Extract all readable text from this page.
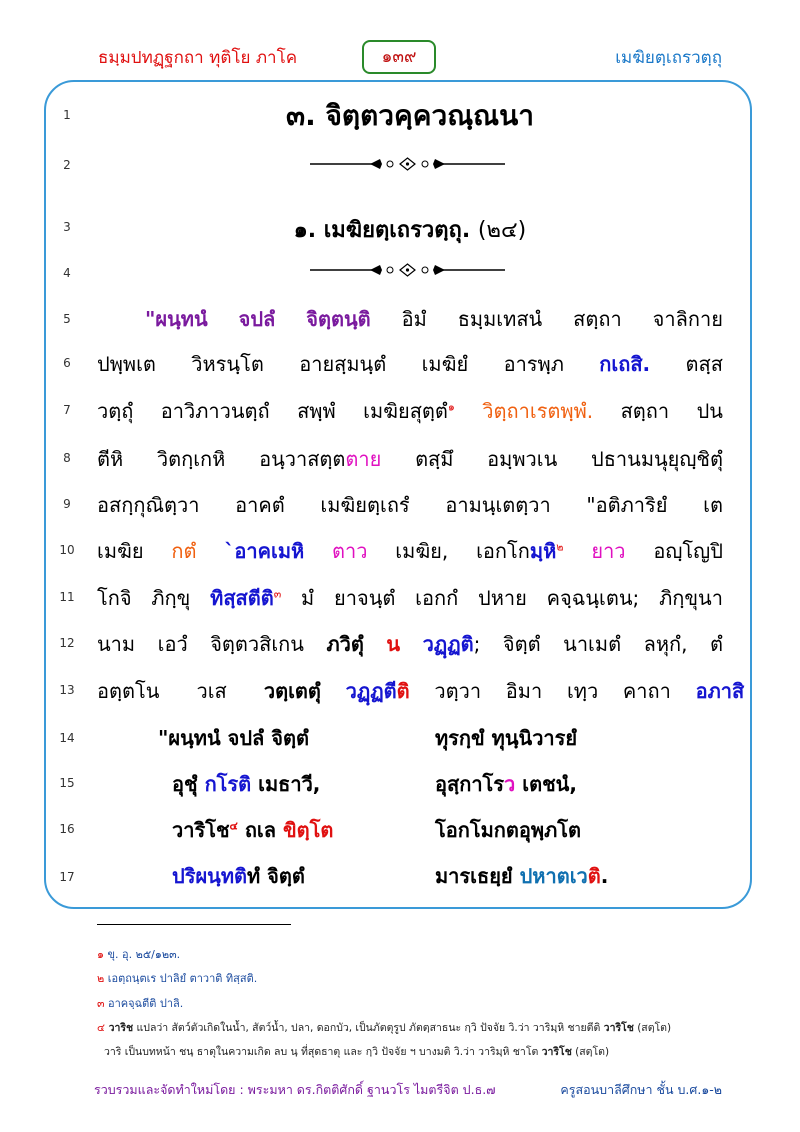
ธมฺมปทฏฺฐกถา ทุติโย ภาโค	๑๓๙	เมฆิยตฺเถรวตฺถุ
1
2
3
4
5
6
7
8
9
10
11
12
13
14
15
16
17
๓. จิตฺตวคฺควณฺณนา
๑. เมฆิยตฺเถรวตฺถุ. (๒๔)
"ผนฺทนํ จปลํ จิตฺตนฺติ อิมํ ธมฺมเทสนํ สตฺถา จาลิกาย
ปพฺพเต วิหรนฺโต อายสฺมนฺตํ เมฆิยํ อารพฺภ กเถสิ. ตสฺส
วตฺถุํ อาวิภาวนตฺถํ สพฺพํ เมฆิยสุตฺตํ$^๑$ วิตฺถาเรตพฺพํ. สตฺถา ปน
ตีหิ วิตกฺเกหิ อนฺวาสตฺตตาย ตสฺมึ อมฺพวเน ปธานมนุยุญฺชิตุํ
อสกฺกุณิตฺวา อาคตํ เมฆิยตฺเถรํ อามนฺเตตฺวา "อติภาริยํ เต
เมฆิย กตํ `อาคเมหิ ตาว เมฆิย, เอกโกมฺหิ$^๒$ ยาว อญฺโญปิ
โกจิ ภิกฺขุ ทิสฺสตีติ$^๓$ มํ ยาจนฺตํ เอกกํ ปหาย คจฺฉนฺเตน; ภิกฺขุนา
นาม เอวํ จิตฺตวสิเกน ภวิตุํ น วฏฺฏติ; จิตฺตํ นาเมตํ ลหุกํ, ตํ
อตฺตโน วเส วตฺเตตุํ วฏฺฏตีติ วตฺวา อิมา เทฺว คาถา อภาสิ
"ผนฺทนํ จปลํ จิตฺตํ	ทุรกฺขํ ทุนฺนิวารยํ
อุชุํ กโรติ เมธาวี,	อุสฺกาโรว เตชนํ,
วาริโช$^๔$ ถเล ขิตฺโต	โอกโมกตอุพฺภโต
ปริผนฺทติทํ จิตฺตํ	มารเธยฺยํ ปหาตเวติ.
๑ ขุ. อุ. ๒๕/๑๒๓.
๒ เอตฺถนฺตเร ปาลิยํ ตาวาติ ทิสฺสติ.
๓ อาคจฺฉตีติ ปาลิ.
๔ วาริช แปลว่า สัตว์ตัวเกิดในน้ำ, สัตว์น้ำ, ปลา, ดอกบัว, เป็นภัตตุรูป ภัตตฺสาธนะ กฺวิ ปัจจัย วิ.ว่า วาริมฺหิ ชายตีติ วาริโช (สตฺโต)
วาริ เป็นบทหน้า ชนฺ ธาตุในความเกิด ลบ นฺ ที่สุดธาตุ และ กฺวิ ปัจจัย ฯ บางมติ วิ.ว่า วาริมฺหิ ชาโต วาริโช (สตฺโต)
รวบรวมและจัดทำใหม่โดย : พระมหา ดร.กิตติศักดิ์ ฐานวโร ไมตรีจิต ป.ธ.๗	ครูสอนบาลีศึกษา ชั้น บ.ศ.๑-๒
